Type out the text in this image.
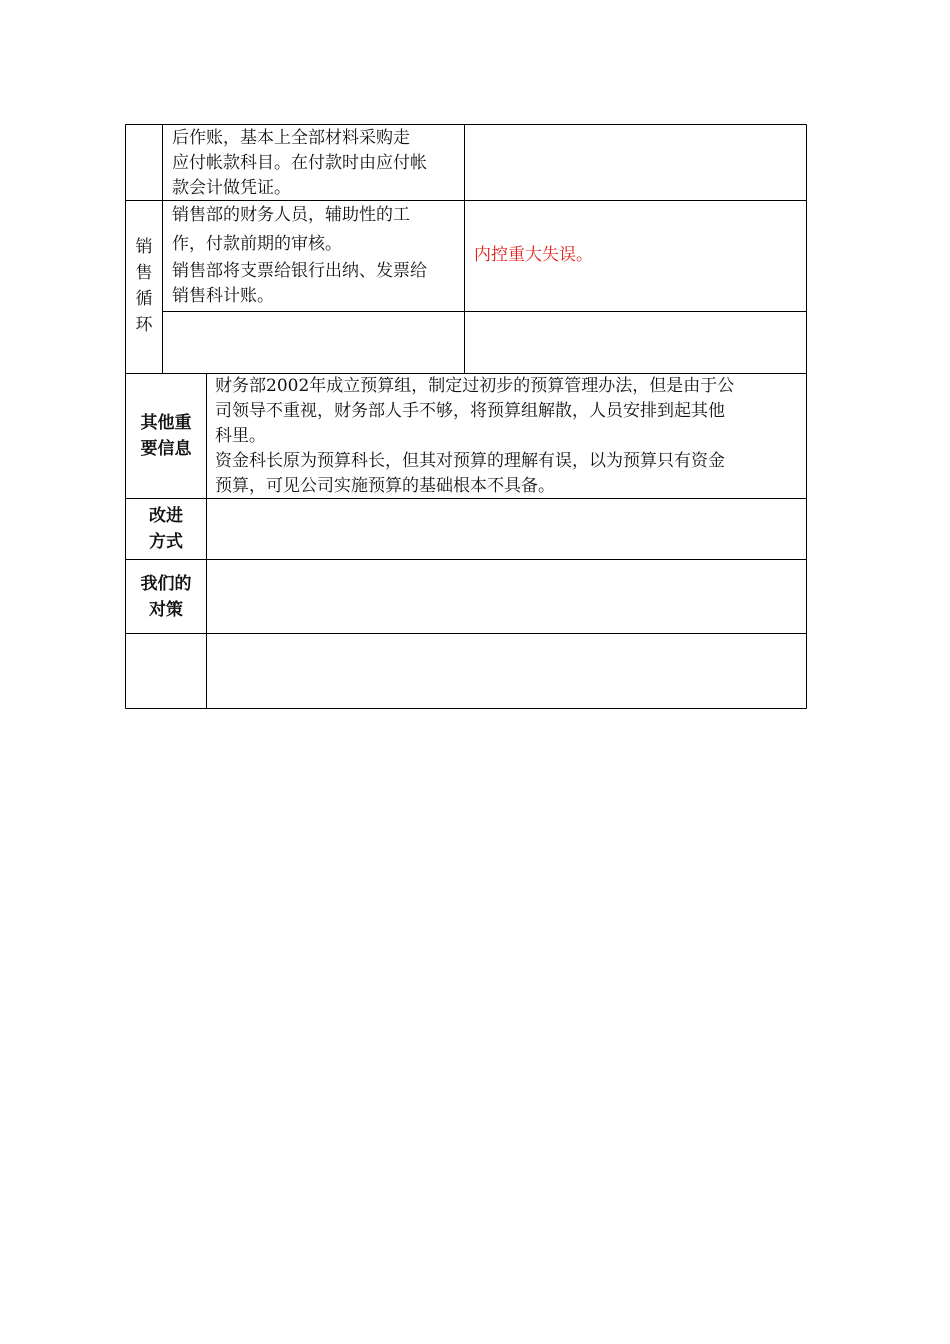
后作账，基本上全部材料采购走

应付帐款科目。在付款时由应付帐

款会计做凭证。

销
售
循
环

销售部的财务人员，辅助性的工

作，付款前期的审核。

销售部将支票给银行出纳、发票给

销售科计账。

内控重大失误。
其他重
要信息

财务部2002年成立预算组，制定过初步的预算管理办法，但是由于公

司领导不重视，财务部人手不够，将预算组解散，人员安排到起其他

科里。

资金科长原为预算科长，但其对预算的理解有误，以为预算只有资金

预算，可见公司实施预算的基础根本不具备。

改进
方式
我们的
对策
